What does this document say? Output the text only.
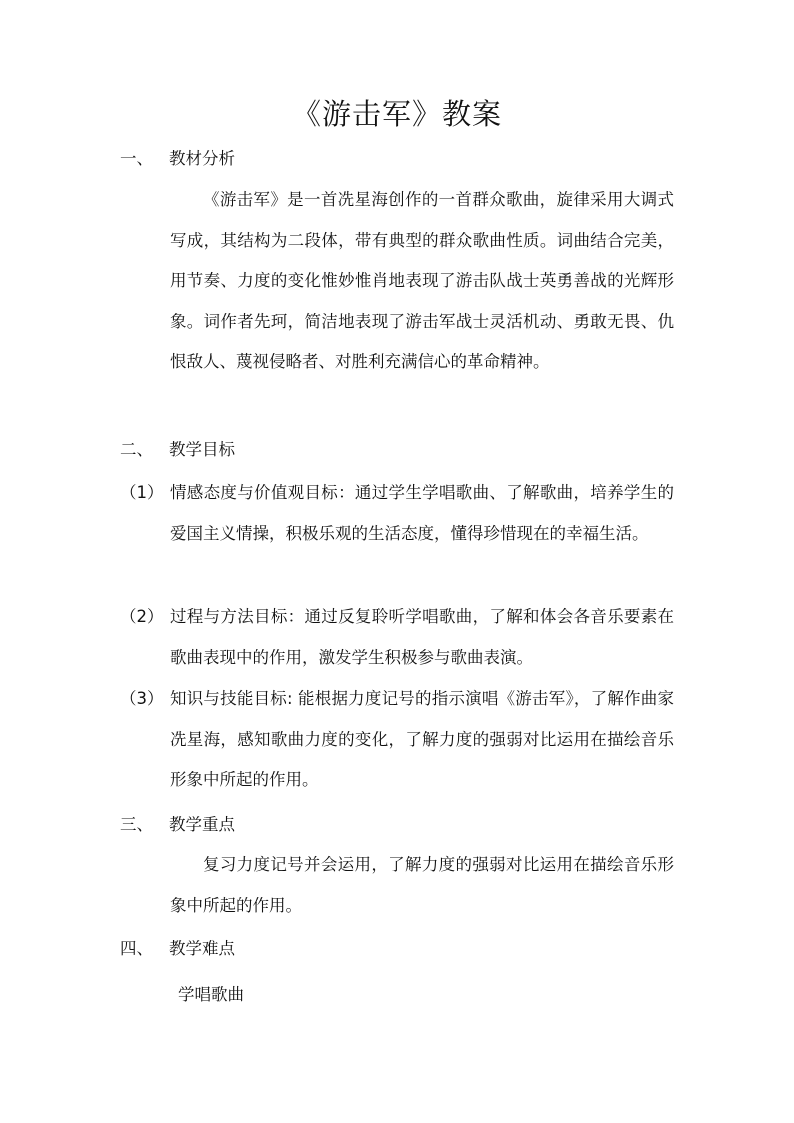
《游击军》教案
一、 教材分析
《游击军》是一首冼星海创作的一首群众歌曲，旋律采用大调式写成，其结构为二段体，带有典型的群众歌曲性质。词曲结合完美，用节奏、力度的变化惟妙惟肖地表现了游击队战士英勇善战的光辉形象。词作者先珂，简洁地表现了游击军战士灵活机动、勇敢无畏、仇恨敌人、蔑视侵略者、对胜利充满信心的革命精神。
二、 教学目标
（1） 情感态度与价值观目标：通过学生学唱歌曲、了解歌曲，培养学生的爱国主义情操，积极乐观的生活态度，懂得珍惜现在的幸福生活。
（2） 过程与方法目标：通过反复聆听学唱歌曲，了解和体会各音乐要素在歌曲表现中的作用，激发学生积极参与歌曲表演。
（3） 知识与技能目标: 能根据力度记号的指示演唱《游击军》，了解作曲家冼星海，感知歌曲力度的变化，了解力度的强弱对比运用在描绘音乐形象中所起的作用。
三、 教学重点
复习力度记号并会运用，了解力度的强弱对比运用在描绘音乐形象中所起的作用。
四、 教学难点
学唱歌曲
